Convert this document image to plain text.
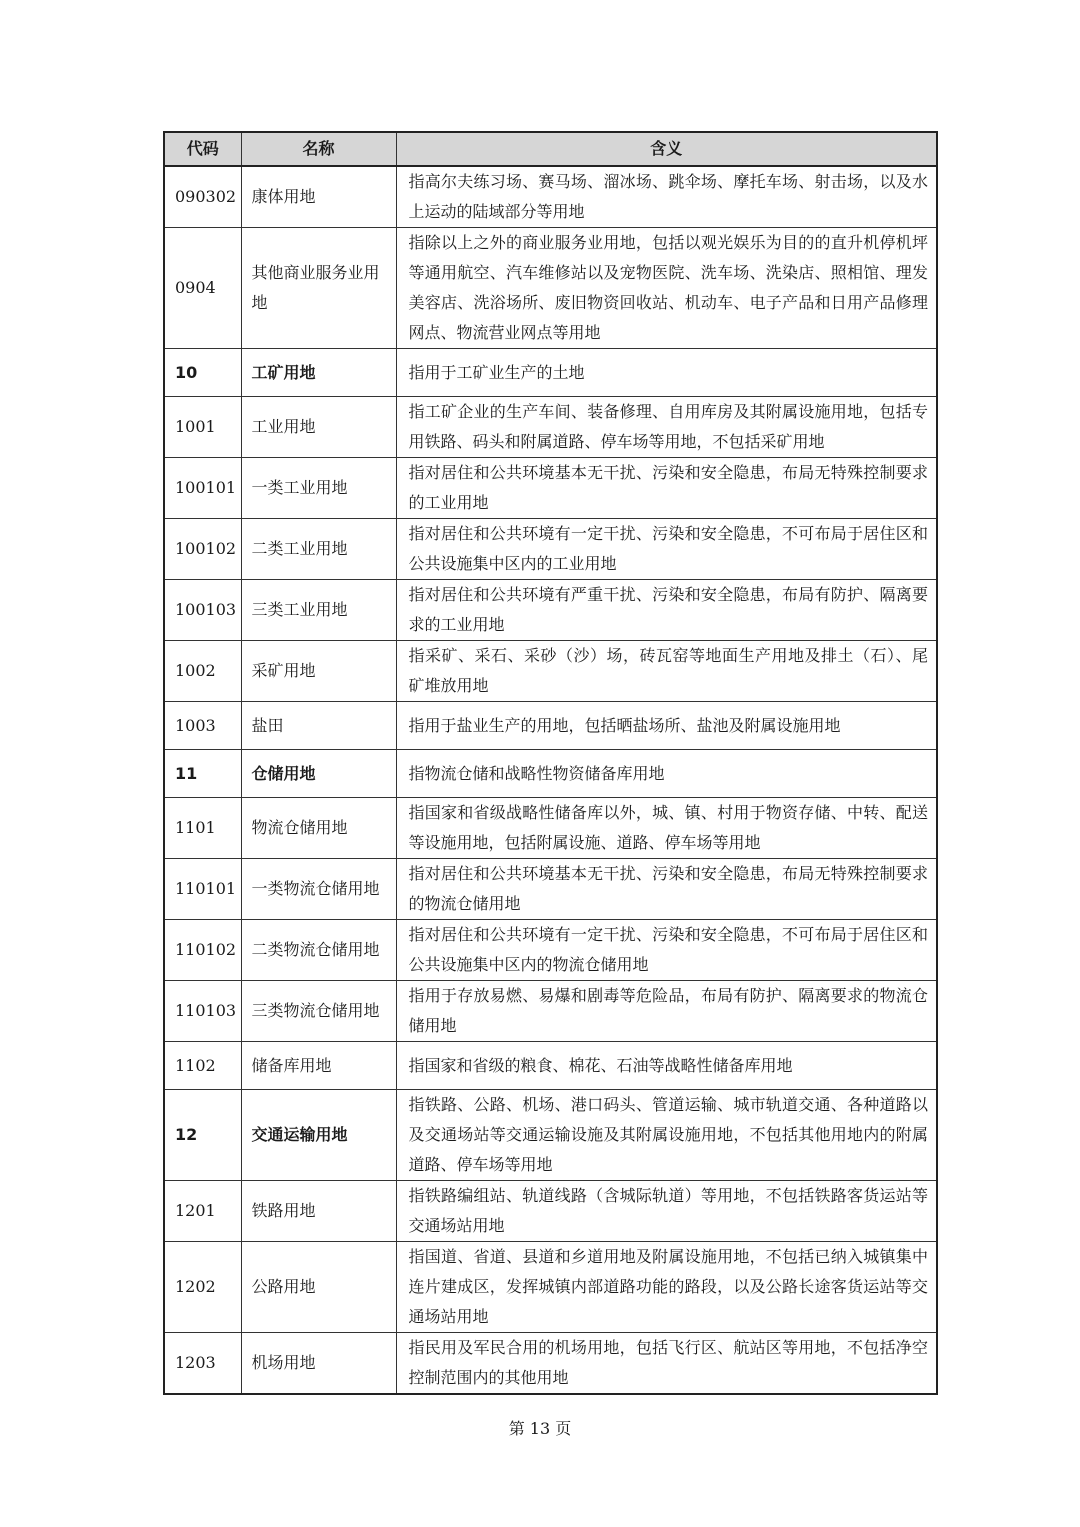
代码	名称	含义
090302	康体用地	指高尔夫练习场、赛马场、溜冰场、跳伞场、摩托车场、射击场，以及水上运动的陆域部分等用地
0904	其他商业服务业用地	指除以上之外的商业服务业用地，包括以观光娱乐为目的的直升机停机坪等通用航空、汽车维修站以及宠物医院、洗车场、洗染店、照相馆、理发美容店、洗浴场所、废旧物资回收站、机动车、电子产品和日用产品修理网点、物流营业网点等用地
10	工矿用地	指用于工矿业生产的土地
1001	工业用地	指工矿企业的生产车间、装备修理、自用库房及其附属设施用地，包括专用铁路、码头和附属道路、停车场等用地，不包括采矿用地
100101	一类工业用地	指对居住和公共环境基本无干扰、污染和安全隐患，布局无特殊控制要求的工业用地
100102	二类工业用地	指对居住和公共环境有一定干扰、污染和安全隐患，不可布局于居住区和公共设施集中区内的工业用地
100103	三类工业用地	指对居住和公共环境有严重干扰、污染和安全隐患，布局有防护、隔离要求的工业用地
1002	采矿用地	指采矿、采石、采砂（沙）场，砖瓦窑等地面生产用地及排土（石）、尾矿堆放用地
1003	盐田	指用于盐业生产的用地，包括晒盐场所、盐池及附属设施用地
11	仓储用地	指物流仓储和战略性物资储备库用地
1101	物流仓储用地	指国家和省级战略性储备库以外，城、镇、村用于物资存储、中转、配送等设施用地，包括附属设施、道路、停车场等用地
110101	一类物流仓储用地	指对居住和公共环境基本无干扰、污染和安全隐患，布局无特殊控制要求的物流仓储用地
110102	二类物流仓储用地	指对居住和公共环境有一定干扰、污染和安全隐患，不可布局于居住区和公共设施集中区内的物流仓储用地
110103	三类物流仓储用地	指用于存放易燃、易爆和剧毒等危险品，布局有防护、隔离要求的物流仓储用地
1102	储备库用地	指国家和省级的粮食、棉花、石油等战略性储备库用地
12	交通运输用地	指铁路、公路、机场、港口码头、管道运输、城市轨道交通、各种道路以及交通场站等交通运输设施及其附属设施用地，不包括其他用地内的附属道路、停车场等用地
1201	铁路用地	指铁路编组站、轨道线路（含城际轨道）等用地，不包括铁路客货运站等交通场站用地
1202	公路用地	指国道、省道、县道和乡道用地及附属设施用地，不包括已纳入城镇集中连片建成区，发挥城镇内部道路功能的路段，以及公路长途客货运站等交通场站用地
1203	机场用地	指民用及军民合用的机场用地，包括飞行区、航站区等用地，不包括净空控制范围内的其他用地
第 13 页
